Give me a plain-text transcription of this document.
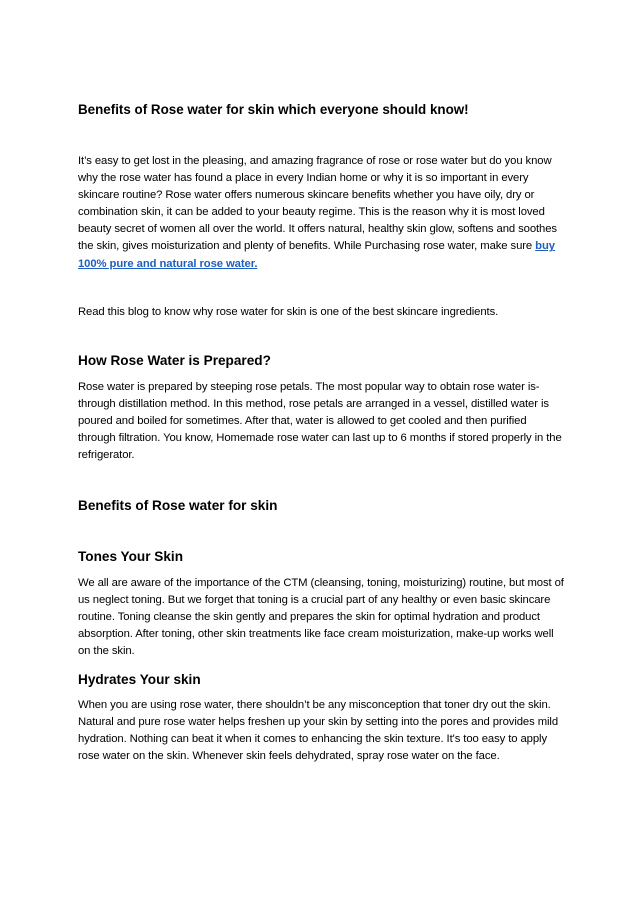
Benefits of Rose water for skin which everyone should know!

It’s easy to get lost in the pleasing, and amazing fragrance of rose or rose water but do you know why the rose water has found a place in every Indian home or why it is so important in every skincare routine? Rose water offers numerous skincare benefits whether you have oily, dry or combination skin, it can be added to your beauty regime. This is the reason why it is most loved beauty secret of women all over the world. It offers natural, healthy skin glow, softens and soothes the skin, gives moisturization and plenty of benefits. While Purchasing rose water, make sure buy 100% pure and natural rose water.

Read this blog to know why rose water for skin is one of the best skincare ingredients.

How Rose Water is Prepared?

Rose water is prepared by steeping rose petals. The most popular way to obtain rose water is- through distillation method. In this method, rose petals are arranged in a vessel, distilled water is poured and boiled for sometimes. After that, water is allowed to get cooled and then purified through filtration. You know, Homemade rose water can last up to 6 months if stored properly in the refrigerator.

Benefits of Rose water for skin
Tones Your Skin

We all are aware of the importance of the CTM (cleansing, toning, moisturizing) routine, but most of us neglect toning. But we forget that toning is a crucial part of any healthy or even basic skincare routine. Toning cleanse the skin gently and prepares the skin for optimal hydration and product absorption. After toning, other skin treatments like face cream moisturization, make-up works well on the skin.

Hydrates Your skin

When you are using rose water, there shouldn’t be any misconception that toner dry out the skin. Natural and pure rose water helps freshen up your skin by setting into the pores and provides mild hydration. Nothing can beat it when it comes to enhancing the skin texture. It's too easy to apply rose water on the skin. Whenever skin feels dehydrated, spray rose water on the face.
